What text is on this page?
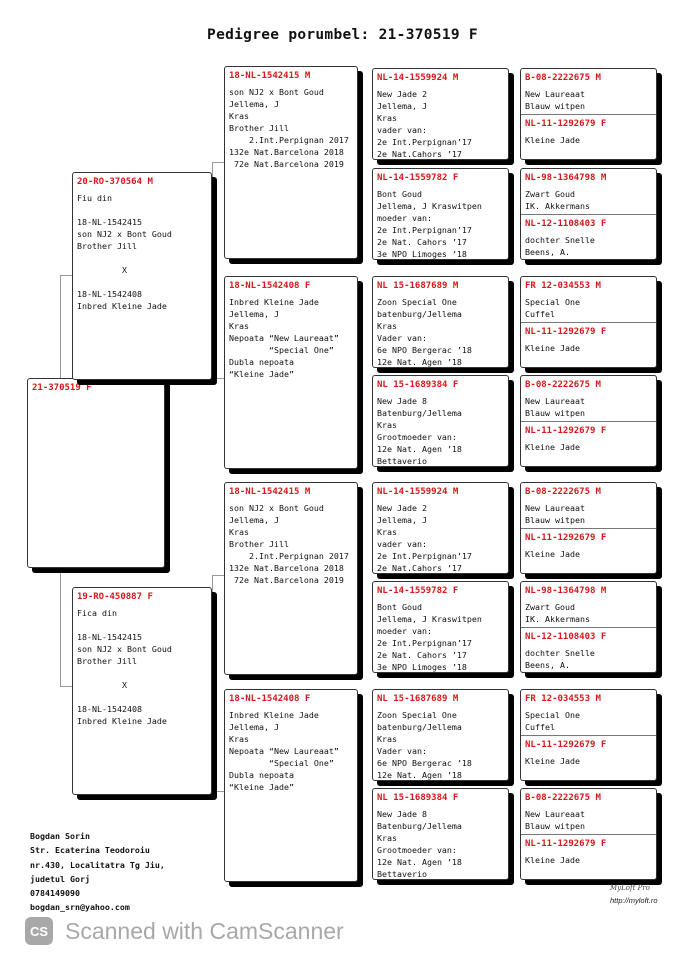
Pedigree porumbel: 21-370519 F
21-370519 F
20-RO-370564 M
Fiu din
18-NL-1542415
son NJ2 x Bont Goud
Brother Jill
X
18-NL-1542408
Inbred Kleine Jade
19-RO-450887 F
Fica din
18-NL-1542415
son NJ2 x Bont Goud
Brother Jill
X
18-NL-1542408
Inbred Kleine Jade
18-NL-1542415 M
son NJ2 x Bont Goud
Jellema, J
Kras
Brother Jill
2.Int.Perpignan 2017
132e Nat.Barcelona 2018
72e Nat.Barcelona 2019
18-NL-1542408 F
Inbred Kleine Jade
Jellema, J
Kras
Nepoata “New Laureaat”
“Special One”
Dubla nepoata
“Kleine Jade”
18-NL-1542415 M
son NJ2 x Bont Goud
Jellema, J
Kras
Brother Jill
2.Int.Perpignan 2017
132e Nat.Barcelona 2018
72e Nat.Barcelona 2019
18-NL-1542408 F
Inbred Kleine Jade
Jellema, J
Kras
Nepoata “New Laureaat”
“Special One”
Dubla nepoata
“Kleine Jade”
NL-14-1559924 M
New Jade 2
Jellema, J
Kras
vader van:
2e Int.Perpignan’17
2e Nat.Cahors ’17
NL-14-1559782 F
Bont Goud
Jellema, J Kraswitpen
moeder van:
2e Int.Perpignan’17
2e Nat. Cahors ’17
3e NPO Limoges ’18
NL 15-1687689 M
Zoon Special One
batenburg/Jellema
Kras
Vader van:
6e NPO Bergerac ’18
12e Nat. Agen ’18
NL 15-1689384 F
New Jade 8
Batenburg/Jellema
Kras
Grootmoeder van:
12e Nat. Agen ’18
Bettaverio
NL-14-1559924 M
New Jade 2
Jellema, J
Kras
vader van:
2e Int.Perpignan’17
2e Nat.Cahors ’17
NL-14-1559782 F
Bont Goud
Jellema, J Kraswitpen
moeder van:
2e Int.Perpignan’17
2e Nat. Cahors ’17
3e NPO Limoges ’18
NL 15-1687689 M
Zoon Special One
batenburg/Jellema
Kras
Vader van:
6e NPO Bergerac ’18
12e Nat. Agen ’18
NL 15-1689384 F
New Jade 8
Batenburg/Jellema
Kras
Grootmoeder van:
12e Nat. Agen ’18
Bettaverio
B-08-2222675 M
New Laureaat
Blauw witpen
NL-11-1292679 F
Kleine Jade
NL-98-1364798 M
Zwart Goud
IK. Akkermans
NL-12-1108403 F
dochter Snelle
Beens, A.
FR 12-034553 M
Special One
Cuffel
NL-11-1292679 F
Kleine Jade
B-08-2222675 M
New Laureaat
Blauw witpen
NL-11-1292679 F
Kleine Jade
B-08-2222675 M
New Laureaat
Blauw witpen
NL-11-1292679 F
Kleine Jade
NL-98-1364798 M
Zwart Goud
IK. Akkermans
NL-12-1108403 F
dochter Snelle
Beens, A.
FR 12-034553 M
Special One
Cuffel
NL-11-1292679 F
Kleine Jade
B-08-2222675 M
New Laureaat
Blauw witpen
NL-11-1292679 F
Kleine Jade
Bogdan Sorin
Str. Ecaterina Teodoroiu
nr.430, Localitatra Tg Jiu,
judetul Gorj
0784149090
bogdan_srn@yahoo.com
MyLoft Pro
http://myloft.ro
CS Scanned with CamScanner
